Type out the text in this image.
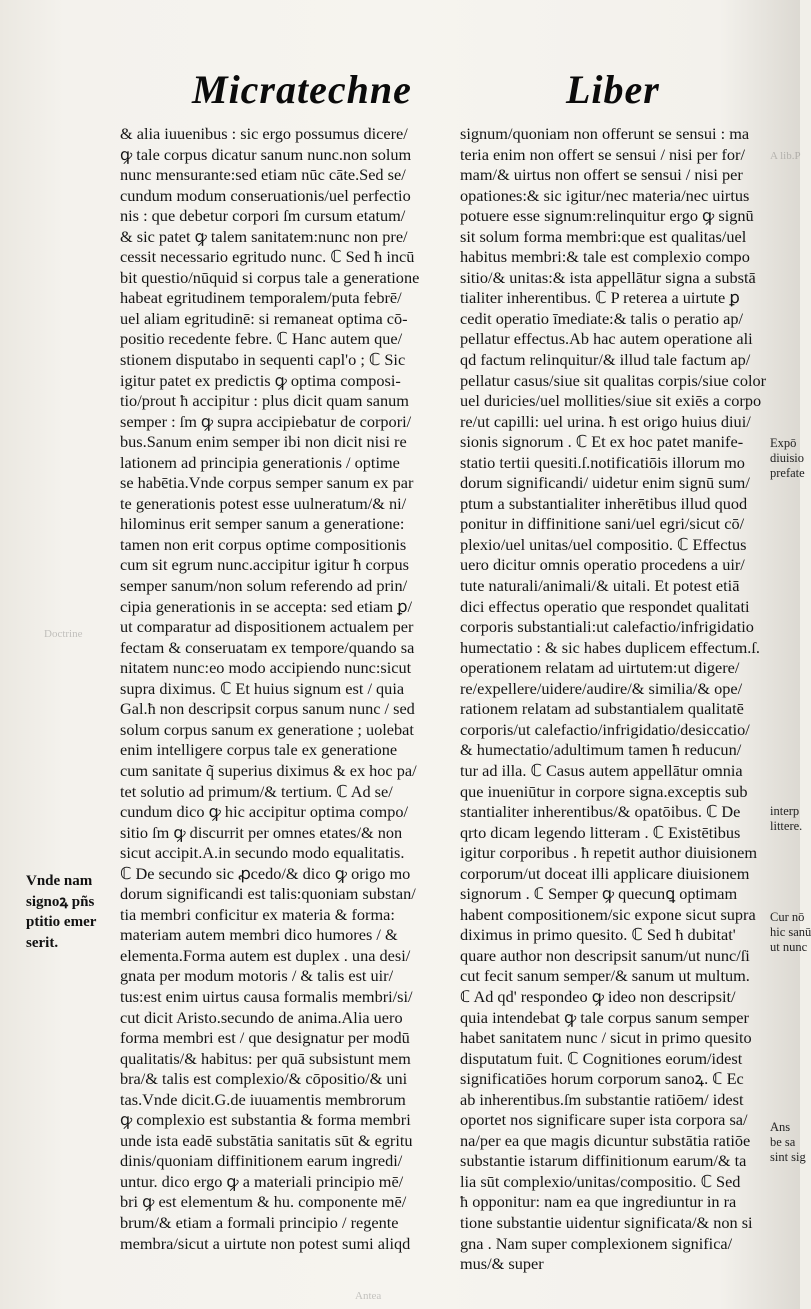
Micratechne	Liber
& alia iuuenibus : sic ergo possumus dicere/
ꝙ tale corpus dicatur sanum nunc.non solum
nunc mensurante:sed etiam nūc cāte.Sed se/
cundum modum conseruationis/uel perfectio
nis : que debetur corpori ſm cursum etatum/
& sic patet ꝙ talem sanitatem:nunc non pre/
cessit necessario egritudo nunc. ℂ Sed ħ incū
bit questio/nūquid si corpus tale a generatione
habeat egritudinem temporalem/puta febrē/
uel aliam egritudinē: si remaneat optima cō-
positio recedente febre. ℂ Hanc autem que/
stionem disputabo in sequenti capl'o ; ℂ Sic
igitur patet ex predictis ꝙ optima composi-
tio/prout ħ accipitur : plus dicit quam sanum
semper : ſm ꝙ supra accipiebatur de corpori/
bus.Sanum enim semper ibi non dicit nisi re
lationem ad principia generationis / optime
se habētia.Vnde corpus semper sanum ex par
te generationis potest esse uulneratum/& ni/
hilominus erit semper sanum a generatione:
tamen non erit corpus optime compositionis
cum sit egrum nunc.accipitur igitur ħ corpus
semper sanum/non solum referendo ad prin/
cipia generationis in se accepta: sed etiam ꝑ/
ut comparatur ad dispositionem actualem per
fectam & conseruatam ex tempore/quando sa
nitatem nunc:eo modo accipiendo nunc:sicut
supra diximus. ℂ Et huius signum est / quia
Gal.ħ non descripsit corpus sanum nunc / sed
solum corpus sanum ex generatione ; uolebat
enim intelligere corpus tale ex generatione
cum sanitate q̃ superius diximus & ex hoc pa/
tet solutio ad primum/& tertium. ℂ Ad se/
cundum dico ꝙ hic accipitur optima compo/
sitio ſm ꝙ discurrit per omnes etates/& non
sicut accipit.A.in secundo modo equalitatis.
ℂ De secundo sic ꝓcedo/& dico ꝙ origo mo
dorum significandi est talis:quoniam substan/
tia membri conficitur ex materia & forma:
materiam autem membri dico humores / &
elementa.Forma autem est duplex . una desi/
gnata per modum motoris / & talis est uir/
tus:est enim uirtus causa formalis membri/si/
cut dicit Aristo.secundo de anima.Alia uero
forma membri est / que designatur per modū
qualitatis/& habitus: per quā subsistunt mem
bra/& talis est complexio/& cōpositio/& uni
tas.Vnde dicit.G.de iuuamentis membrorum
ꝙ complexio est substantia & forma membri
unde ista eadē substātia sanitatis sūt & egritu
dinis/quoniam diffinitionem earum ingredi/
untur. dico ergo ꝙ a materiali principio mē/
bri ꝙ est elementum & hu. componente mē/
brum/& etiam a formali principio / regente
membra/sicut a uirtute non potest sumi aliqd
signum/quoniam non offerunt se sensui : ma
teria enim non offert se sensui / nisi per for/
mam/& uirtus non offert se sensui / nisi per
opationes:& sic igitur/nec materia/nec uirtus
potuere esse signum:relinquitur ergo ꝙ signū
sit solum forma membri:que est qualitas/uel
habitus membri:& tale est complexio compo
sitio/& unitas:& ista appellātur signa a substā
tialiter inherentibus. ℂ P reterea a uirtute ꝑ
cedit operatio īmediate:& talis o peratio ap/
pellatur effectus.Ab hac autem operatione ali
qd factum relinquitur/& illud tale factum ap/
pellatur casus/siue sit qualitas corpis/siue color
uel duricies/uel mollities/siue sit exiēs a corpo
re/ut capilli: uel urina. ħ est origo huius diui/
sionis signorum . ℂ Et ex hoc patet manife-
statio tertii quesiti.ſ.notificatiōis illorum mo
dorum significandi/ uidetur enim signū sum/
ptum a substantialiter inherētibus illud quod
ponitur in diffinitione sani/uel egri/sicut cō/
plexio/uel unitas/uel compositio. ℂ Effectus
uero dicitur omnis operatio procedens a uir/
tute naturali/animali/& uitali. Et potest etiā
dici effectus operatio que respondet qualitati
corporis substantiali:ut calefactio/infrigidatio
humectatio : & sic habes duplicem effectum.ſ.
operationem relatam ad uirtutem:ut digere/
re/expellere/uidere/audire/& similia/& ope/
rationem relatam ad substantialem qualitatē
corporis/ut calefactio/infrigidatio/desiccatio/
& humectatio/adultimum tamen ħ reducun/
tur ad illa. ℂ Casus autem appellātur omnia
que inueniūtur in corpore signa.exceptis sub
stantialiter inherentibus/& opatōibus. ℂ De
qrto dicam legendo litteram . ℂ Existētibus
igitur corporibus . ħ repetit author diuisionem
corporum/ut doceat illi applicare diuisionem
signorum . ℂ Semper ꝙ quecunꝗ optimam
habent compositionem/sic expone sicut supra
diximus in primo quesito. ℂ Sed ħ dubitat'
quare author non descripsit sanum/ut nunc/ſi
cut fecit sanum semper/& sanum ut multum.
ℂ Ad qd' respondeo ꝙ ideo non descripsit/
quia intendebat ꝙ tale corpus sanum semper
habet sanitatem nunc / sicut in primo quesito
disputatum fuit. ℂ Cognitiones eorum/idest
significatiōes horum corporum sanoꝝ. ℂ Ec
ab inherentibus.ſm substantie ratiōem/ idest
oportet nos significare super ista corpora sa/
na/per ea que magis dicuntur substātia ratiōe
substantie istarum diffinitionum earum/& ta
lia sūt complexio/unitas/compositio. ℂ Sed
ħ opponitur: nam ea que ingrediuntur in ra
tione substantie uidentur significata/& non si
gna . Nam super complexionem significa/
mus/& super
Vnde nam
signoꝝ pñs
ptitio emer
serit.
Expō
diuisio
prefate
interp
littere.
Cur nō
hic sanū
ut nunc
Ans
be sa
sint sig
Doctrine
A lib.P
Antea
